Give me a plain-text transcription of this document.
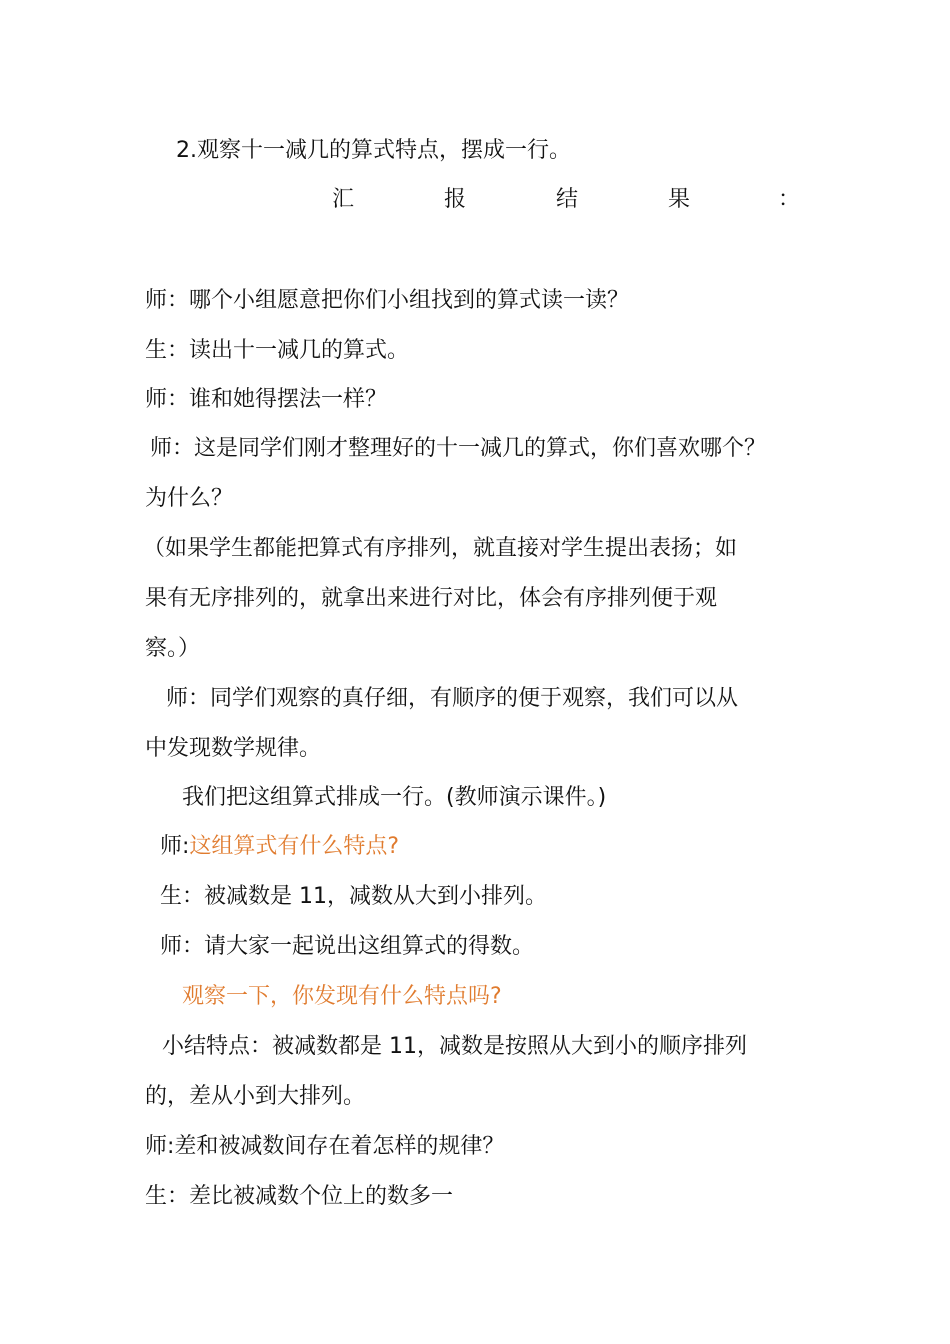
2.观察十一减几的算式特点，摆成一行。
汇	报	结	果	：
师：哪个小组愿意把你们小组找到的算式读一读？
生：读出十一减几的算式。
师：谁和她得摆法一样？
师：这是同学们刚才整理好的十一减几的算式，你们喜欢哪个？
为什么？
（如果学生都能把算式有序排列，就直接对学生提出表扬；如
果有无序排列的，就拿出来进行对比，体会有序排列便于观
察。）
师：同学们观察的真仔细，有顺序的便于观察，我们可以从
中发现数学规律。
我们把这组算式排成一行。(教师演示课件。)
师:这组算式有什么特点?
生：被减数是 11，减数从大到小排列。
师：请大家一起说出这组算式的得数。
观察一下，你发现有什么特点吗?
小结特点：被减数都是 11，减数是按照从大到小的顺序排列
的，差从小到大排列。
师:差和被减数间存在着怎样的规律？
生：差比被减数个位上的数多一
